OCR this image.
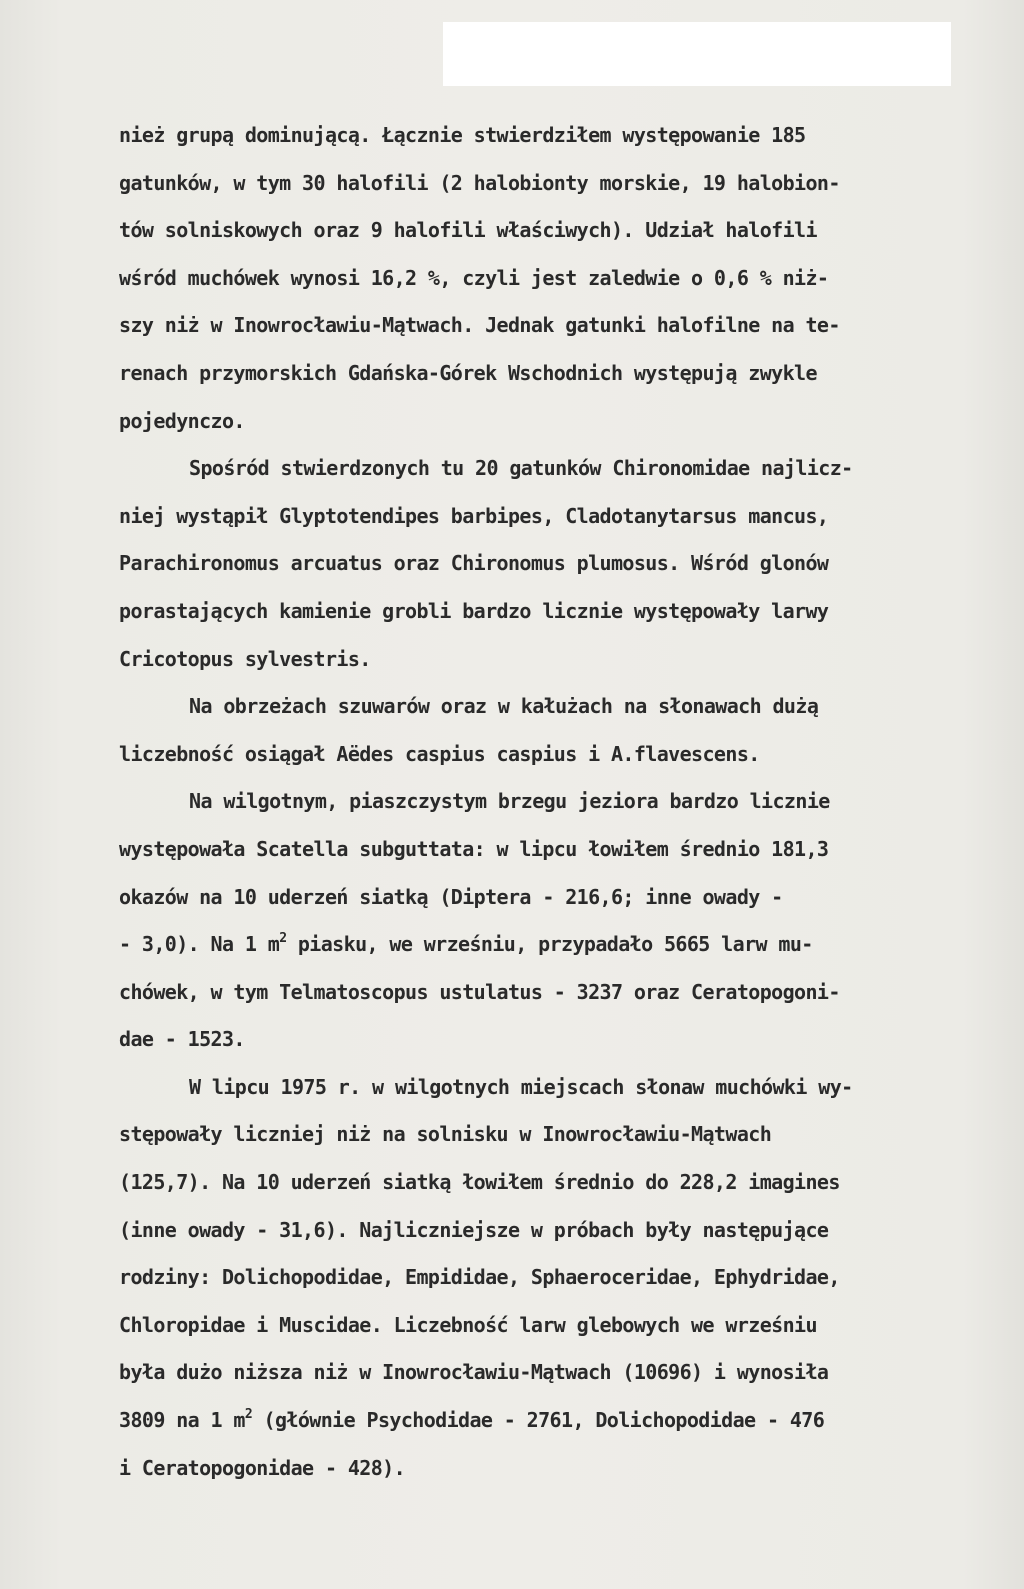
nież grupą dominującą. Łącznie stwierdziłem występowanie 185
gatunków, w tym 30 halofili (2 halobionty morskie, 19 halobion-
tów solniskowych oraz 9 halofili właściwych). Udział halofili
wśród muchówek wynosi 16,2 %, czyli jest zaledwie o 0,6 % niż-
szy niż w Inowrocławiu-Mątwach. Jednak gatunki halofilne na te-
renach przymorskich Gdańska-Górek Wschodnich występują zwykle
pojedynczo.
Spośród stwierdzonych tu 20 gatunków Chironomidae najlicz-
niej wystąpił Glyptotendipes barbipes, Cladotanytarsus mancus,
Parachironomus arcuatus oraz Chironomus plumosus. Wśród glonów
porastających kamienie grobli bardzo licznie występowały larwy
Cricotopus sylvestris.
Na obrzeżach szuwarów oraz w kałużach na słonawach dużą
liczebność osiągał Aëdes caspius caspius i A.flavescens.
Na wilgotnym, piaszczystym brzegu jeziora bardzo licznie
występowała Scatella subguttata: w lipcu łowiłem średnio 181,3
okazów na 10 uderzeń siatką (Diptera - 216,6; inne owady -
- 3,0). Na 1 $m^2$ piasku, we wrześniu, przypadało 5665 larw mu-
chówek, w tym Telmatoscopus ustulatus - 3237 oraz Ceratopogoni-
dae - 1523.
W lipcu 1975 r. w wilgotnych miejscach słonaw muchówki wy-
stępowały liczniej niż na solnisku w Inowrocławiu-Mątwach
(125,7). Na 10 uderzeń siatką łowiłem średnio do 228,2 imagines
(inne owady - 31,6). Najliczniejsze w próbach były następujące
rodziny: Dolichopodidae, Empididae, Sphaeroceridae, Ephydridae,
Chloropidae i Muscidae. Liczebność larw glebowych we wrześniu
była dużo niższa niż w Inowrocławiu-Mątwach (10696) i wynosiła
3809 na 1 $m^2$ (głównie Psychodidae - 2761, Dolichopodidae - 476
i Ceratopogonidae - 428).
